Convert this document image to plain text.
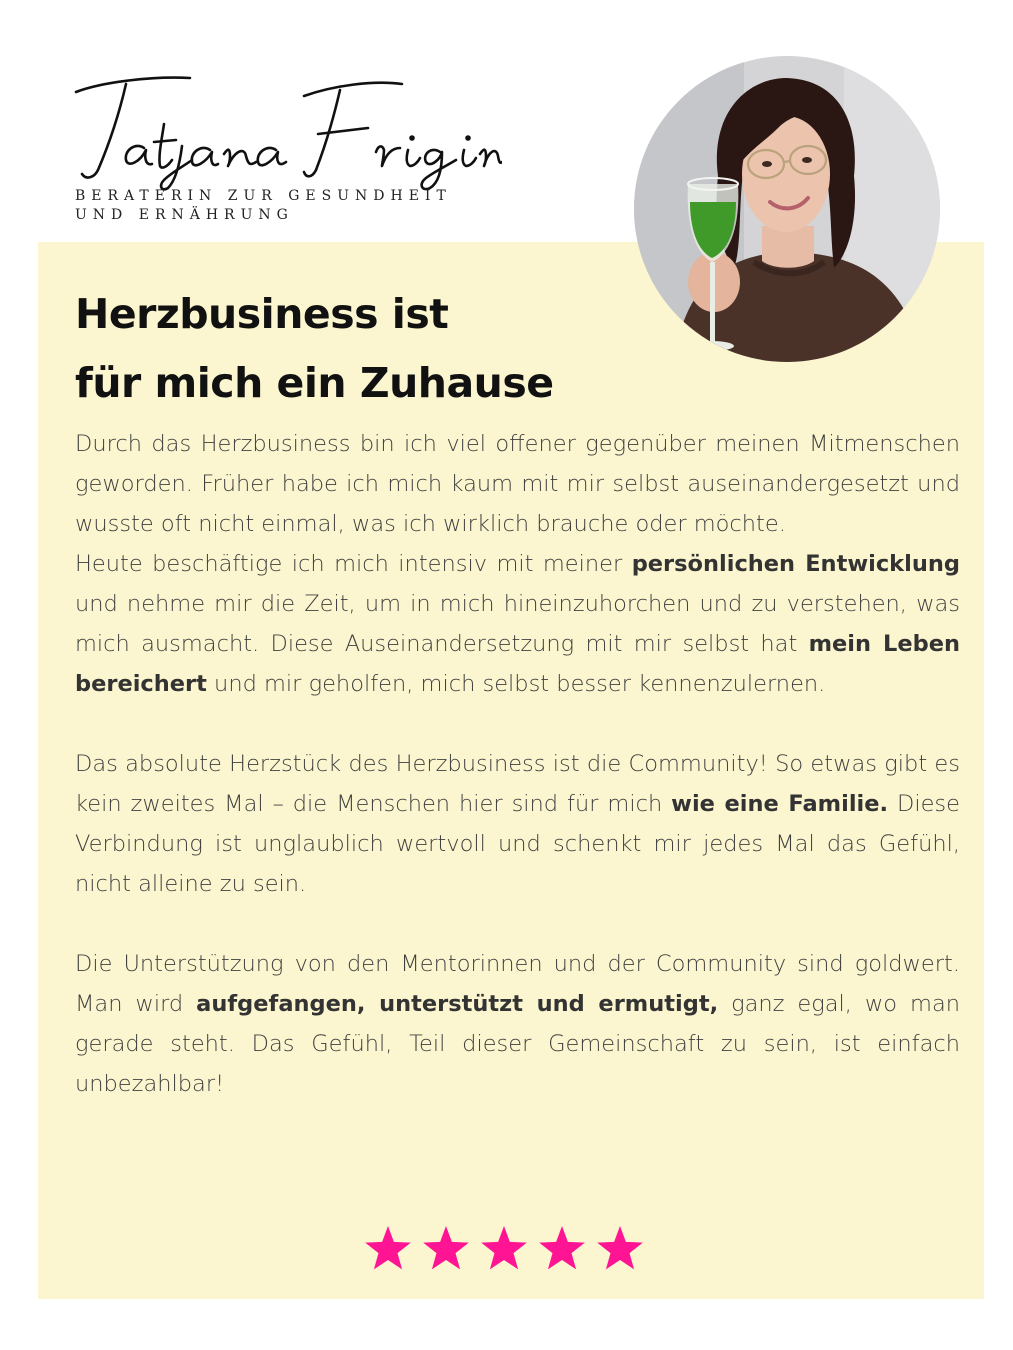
BERATERIN ZUR GESUNDHEIT
UND ERNÄHRUNG
Herzbusiness ist
für mich ein Zuhause

Durch das Herzbusiness bin ich viel offener gegenüber meinen Mitmenschen geworden. Früher habe ich mich kaum mit mir selbst auseinandergesetzt und wusste oft nicht einmal, was ich wirklich brauche oder möchte.

Heute beschäftige ich mich intensiv mit meiner persönlichen Entwicklung und nehme mir die Zeit, um in mich hineinzuhorchen und zu verstehen, was mich ausmacht. Diese Auseinandersetzung mit mir selbst hat mein Leben bereichert und mir geholfen, mich selbst besser kennenzulernen.

Das absolute Herzstück des Herzbusiness ist die Community! So etwas gibt es kein zweites Mal – die Menschen hier sind für mich wie eine Familie. Diese Verbindung ist unglaublich wertvoll und schenkt mir jedes Mal das Gefühl, nicht alleine zu sein.

Die Unterstützung von den Mentorinnen und der Community sind goldwert. Man wird aufgefangen, unterstützt und ermutigt, ganz egal, wo man gerade steht. Das Gefühl, Teil dieser Gemeinschaft zu sein, ist einfach unbezahlbar!
